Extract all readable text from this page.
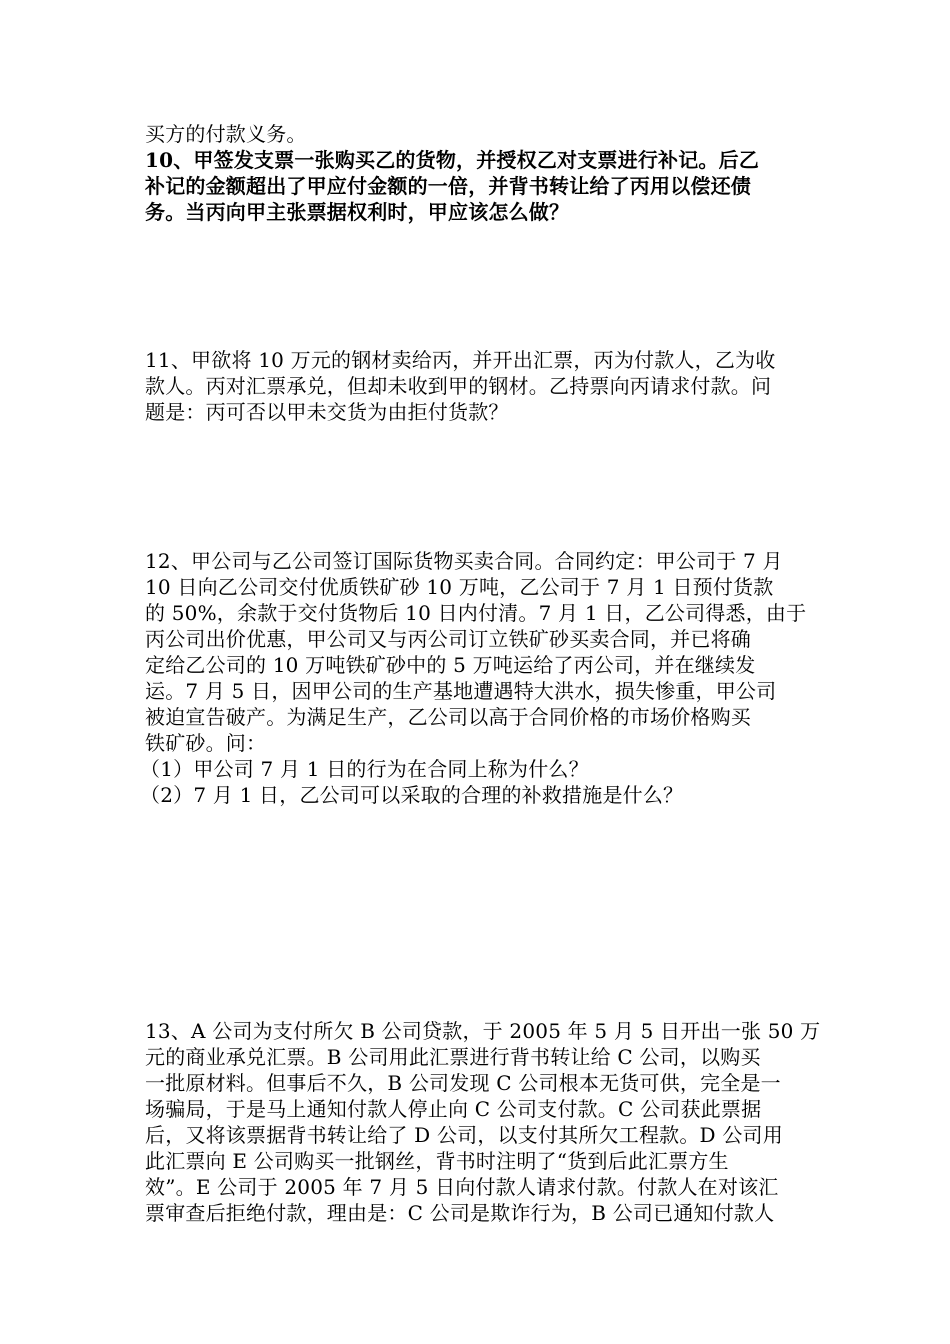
买方的付款义务。

10、甲签发支票一张购买乙的货物，并授权乙对支票进行补记。后乙
补记的金额超出了甲应付金额的一倍，并背书转让给了丙用以偿还债
务。当丙向甲主张票据权利时，甲应该怎么做？

11、甲欲将 10 万元的钢材卖给丙，并开出汇票，丙为付款人，乙为收
款人。丙对汇票承兑，但却未收到甲的钢材。乙持票向丙请求付款。问
题是：丙可否以甲未交货为由拒付货款？

12、甲公司与乙公司签订国际货物买卖合同。合同约定：甲公司于 7 月
10 日向乙公司交付优质铁矿砂 10 万吨，乙公司于 7 月 1 日预付货款
的 50%，余款于交付货物后 10 日内付清。7 月 1 日，乙公司得悉，由于
丙公司出价优惠，甲公司又与丙公司订立铁矿砂买卖合同，并已将确
定给乙公司的 10 万吨铁矿砂中的 5 万吨运给了丙公司，并在继续发
运。7 月 5 日，因甲公司的生产基地遭遇特大洪水，损失惨重，甲公司
被迫宣告破产。为满足生产，乙公司以高于合同价格的市场价格购买
铁矿砂。问：
（1）甲公司 7 月 1 日的行为在合同上称为什么？
（2）7 月 1 日，乙公司可以采取的合理的补救措施是什么？

13、A 公司为支付所欠 B 公司贷款，于 2005 年 5 月 5 日开出一张 50 万
元的商业承兑汇票。B 公司用此汇票进行背书转让给 C 公司，以购买
一批原材料。但事后不久，B 公司发现 C 公司根本无货可供，完全是一
场骗局，于是马上通知付款人停止向 C 公司支付款。C 公司获此票据
后，又将该票据背书转让给了 D 公司，以支付其所欠工程款。D 公司用
此汇票向 E 公司购买一批钢丝，背书时注明了“货到后此汇票方生
效”。E 公司于 2005 年 7 月 5 日向付款人请求付款。付款人在对该汇
票审查后拒绝付款，理由是：C 公司是欺诈行为，B 公司已通知付款人
